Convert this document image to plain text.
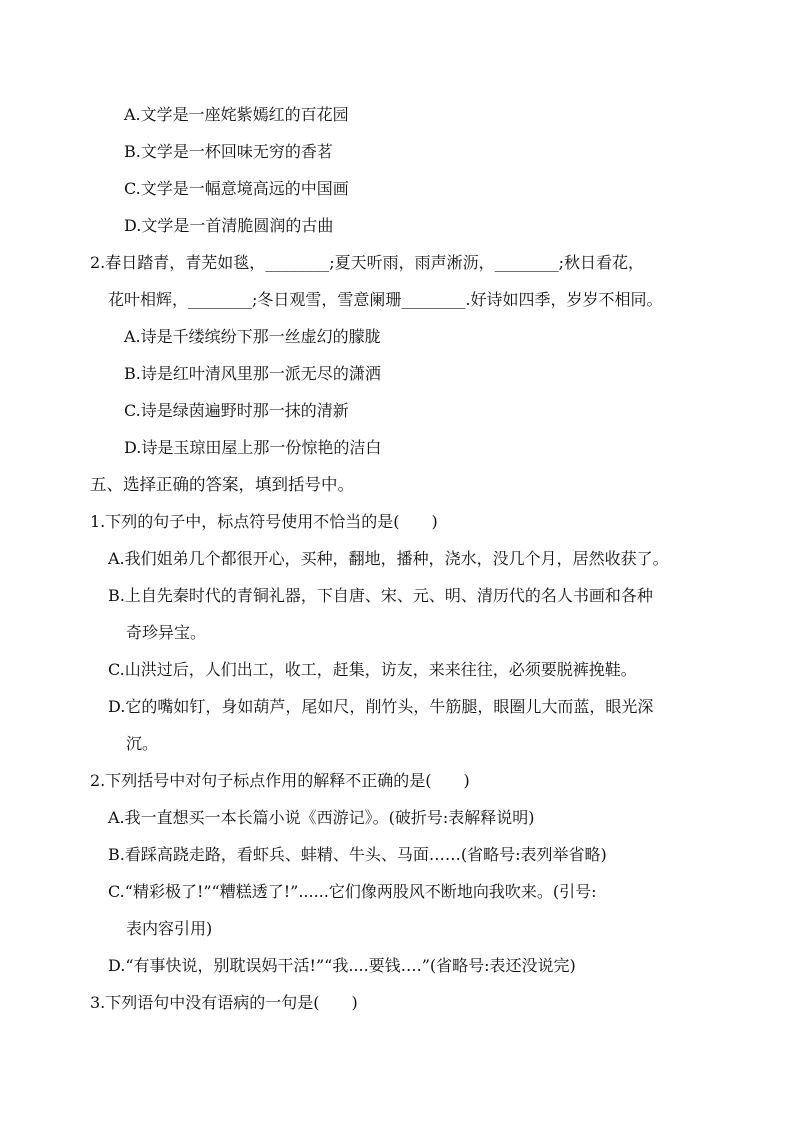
A.文学是一座姹紫嫣红的百花园
B.文学是一杯回味无穷的香茗
C.文学是一幅意境高远的中国画
D.文学是一首清脆圆润的古曲
2.春日踏青，青芜如毯，________;夏天听雨，雨声淅沥，________;秋日看花，
花叶相辉，________;冬日观雪，雪意阑珊________.好诗如四季，岁岁不相同。
A.诗是千缕缤纷下那一丝虚幻的朦胧
B.诗是红叶清风里那一派无尽的潇洒
C.诗是绿茵遍野时那一抹的清新
D.诗是玉琼田屋上那一份惊艳的洁白
五、选择正确的答案，填到括号中。
1.下列的句子中，标点符号使用不恰当的是(　　)
A.我们姐弟几个都很开心，买种，翻地，播种，浇水，没几个月，居然收获了。
B.上自先秦时代的青铜礼器，下自唐、宋、元、明、清历代的名人书画和各种
奇珍异宝。
C.山洪过后，人们出工，收工，赶集，访友，来来往往，必须要脱裤挽鞋。
D.它的嘴如钉，身如葫芦，尾如尺，削竹头，牛筋腿，眼圈儿大而蓝，眼光深
沉。
2.下列括号中对句子标点作用的解释不正确的是(　　)
A.我一直想买一本长篇小说《西游记》。(破折号:表解释说明)
B.看踩高跷走路，看虾兵、蚌精、牛头、马面……(省略号:表列举省略)
C.“精彩极了!”“糟糕透了!”......它们像两股风不断地向我吹来。(引号:
表内容引用)
D.“有事快说，别耽误妈干活!”“我....要钱….”(省略号:表还没说完)
3.下列语句中没有语病的一句是(　　)
